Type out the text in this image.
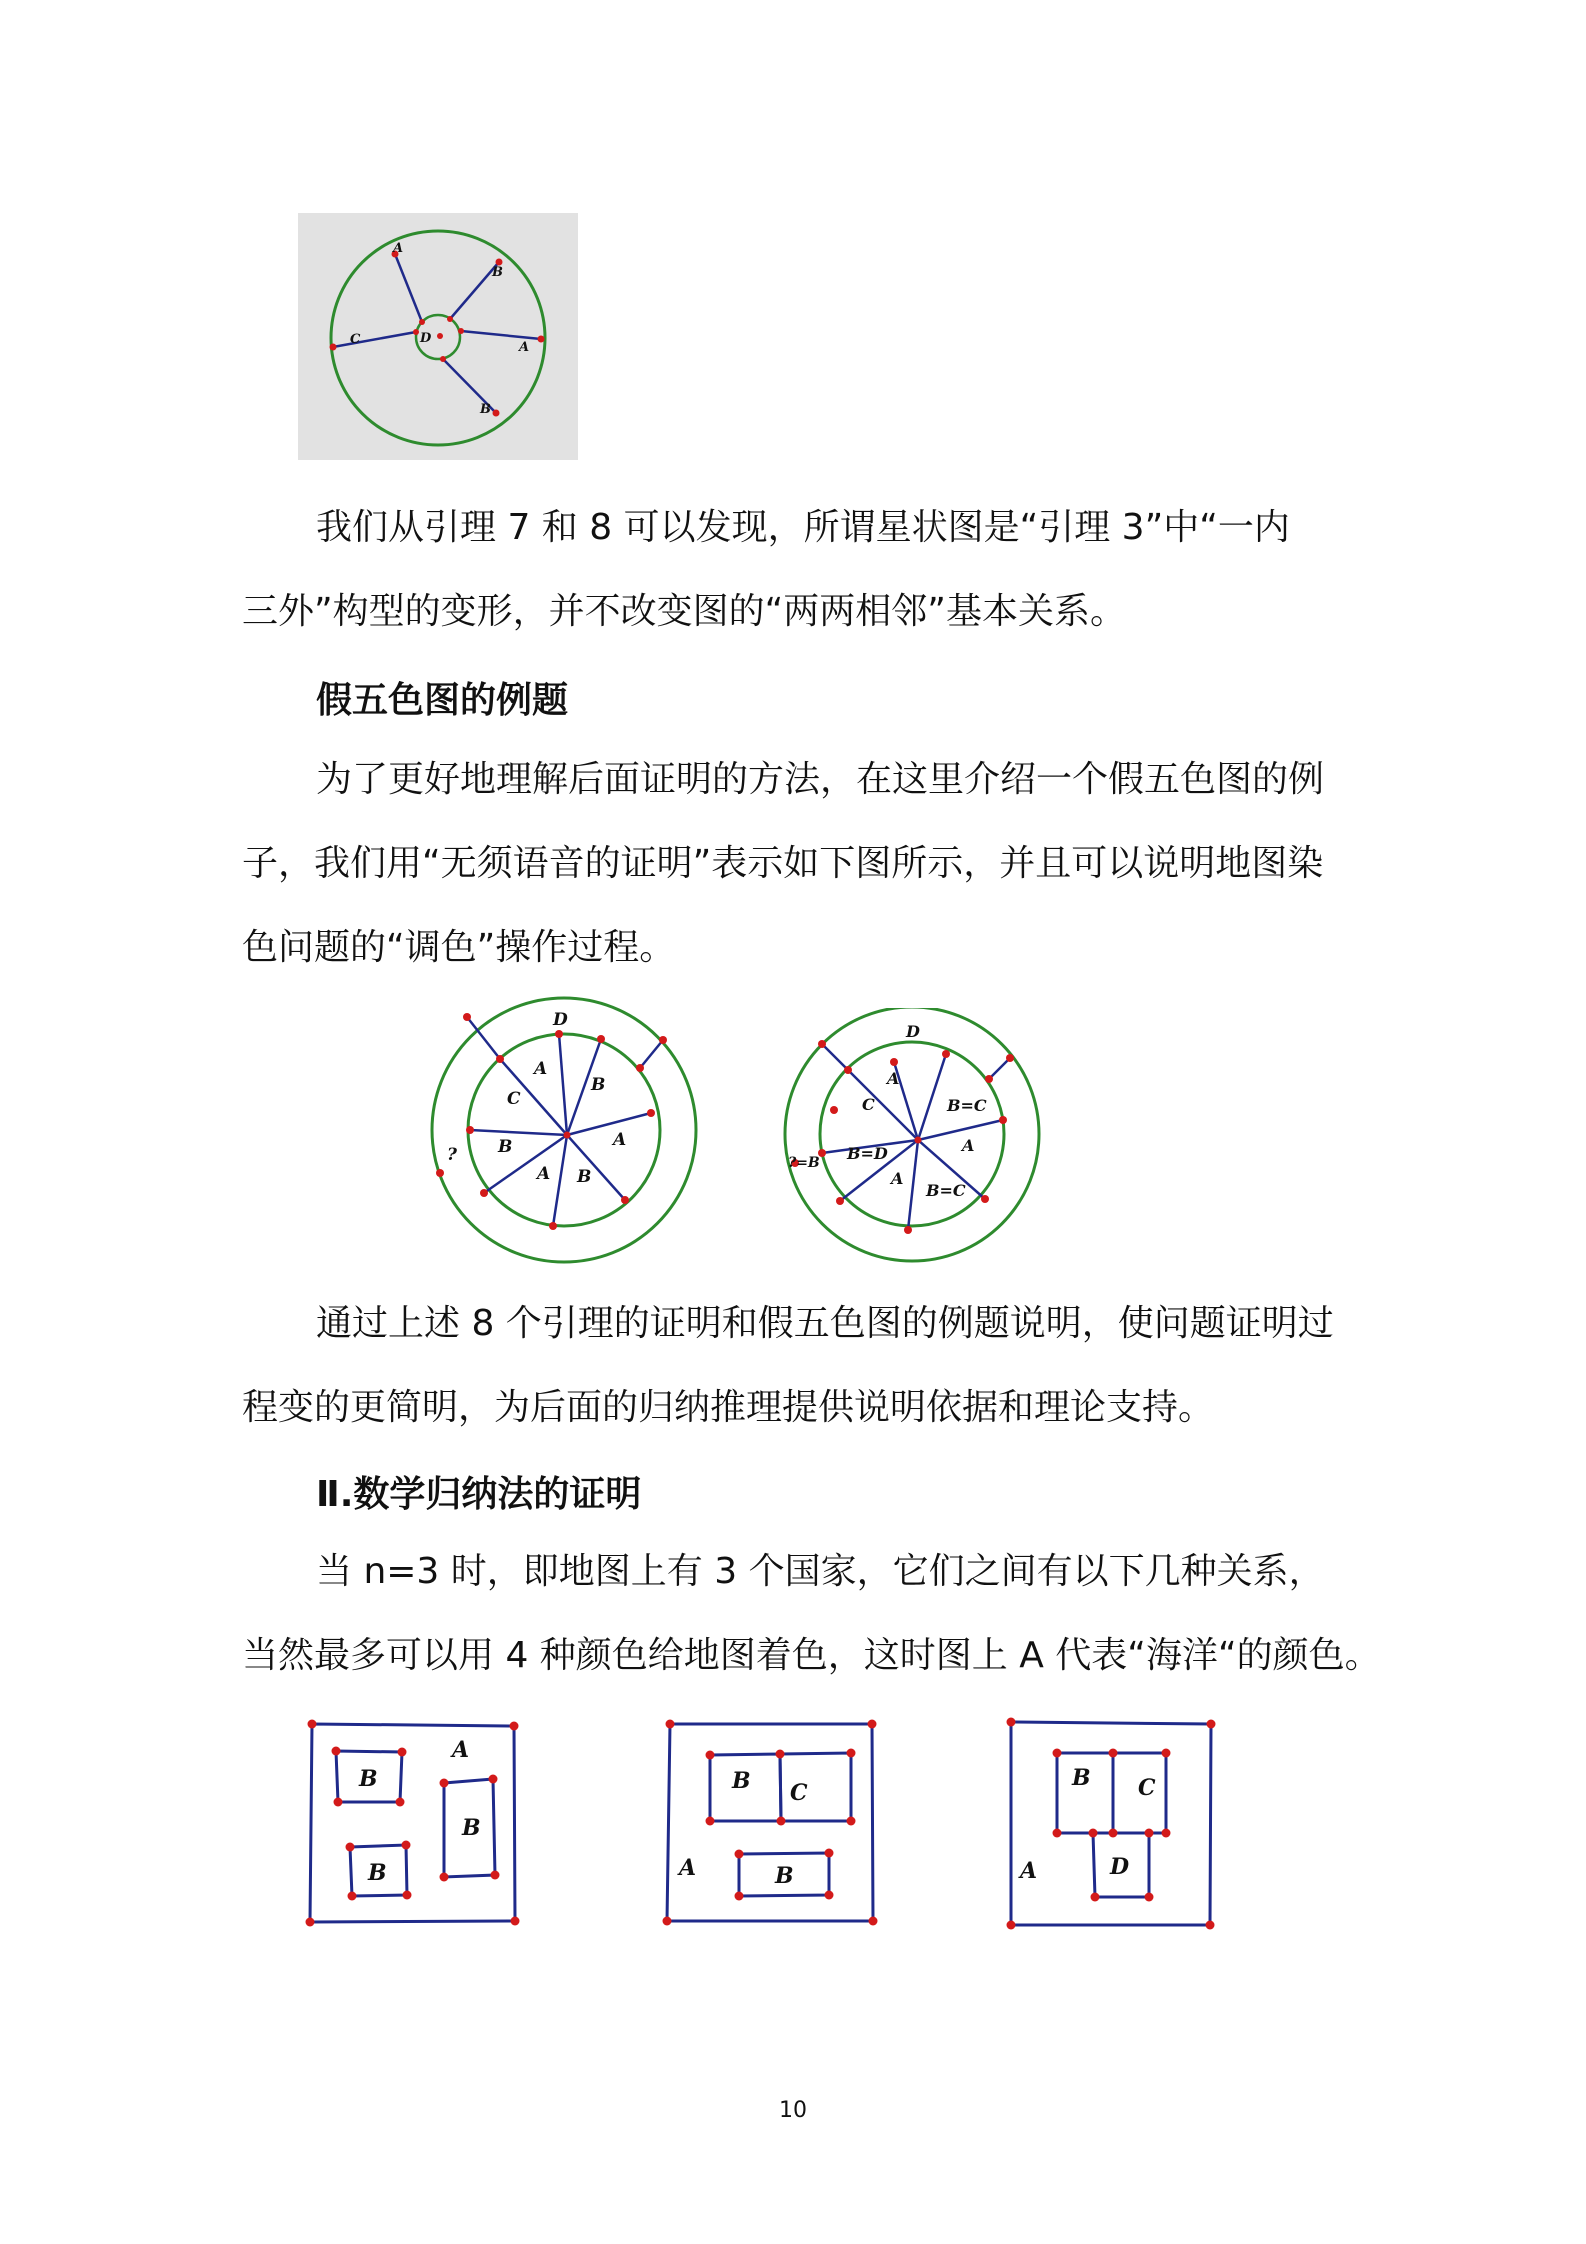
A
B
C	D
A
B

我们从引理 7 和 8 可以发现，所谓星状图是“引理 3”中“一内
三外”构型的变形，并不改变图的“两两相邻”基本关系。

假五色图的例题

为了更好地理解后面证明的方法，在这里介绍一个假五色图的例
子，我们用“无须语音的证明”表示如下图所示，并且可以说明地图染
色问题的“调色”操作过程。

D
A
B
C
B	A
A B
?
D
A
C	B=C
B=D	A
A
B=C
?=B

通过上述 8 个引理的证明和假五色图的例题说明，使问题证明过
程变的更简明，为后面的归纳推理提供说明依据和理论支持。

Ⅱ.数学归纳法的证明

当 n=3 时，即地图上有 3 个国家，它们之间有以下几种关系，
当然最多可以用 4 种颜色给地图着色，这时图上 A 代表“海洋“的颜色。

A
B
B
B
B C
A	B
B C
A	D
10
